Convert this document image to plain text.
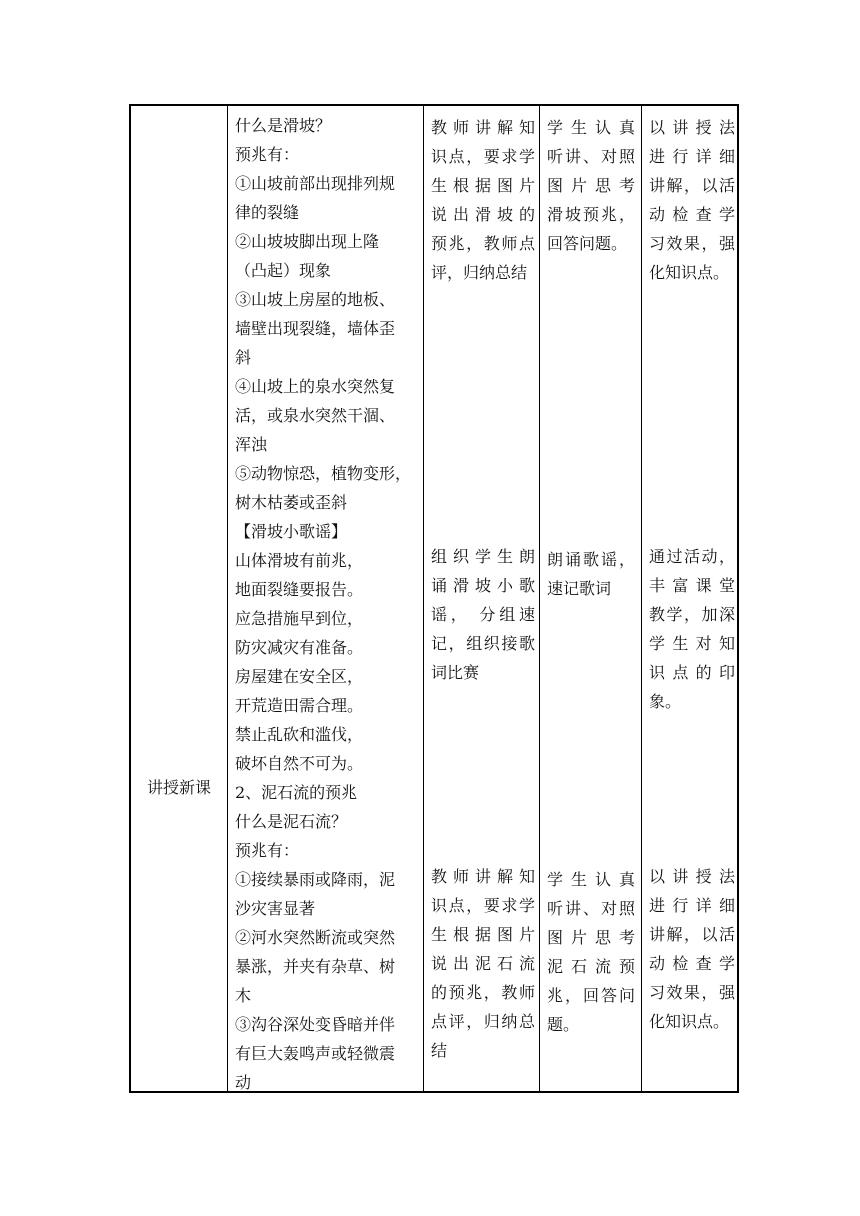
讲授新课
什么是滑坡？
预兆有：
①山坡前部出现排列规
律的裂缝
②山坡坡脚出现上隆
（凸起）现象
③山坡上房屋的地板、
墙壁出现裂缝，墙体歪
斜
④山坡上的泉水突然复
活，或泉水突然干涸、
浑浊
⑤动物惊恐，植物变形，
树木枯萎或歪斜
【滑坡小歌谣】
山体滑坡有前兆，
地面裂缝要报告。
应急措施早到位，
防灾减灾有准备。
房屋建在安全区，
开荒造田需合理。
禁止乱砍和滥伐，
破坏自然不可为。
2、泥石流的预兆
什么是泥石流？
预兆有：
①接续暴雨或降雨，泥
沙灾害显著
②河水突然断流或突然
暴涨，并夹有杂草、树
木
③沟谷深处变昏暗并伴
有巨大轰鸣声或轻微震
动
教师讲解知
识点，要求学
生根据图片
说出滑坡的
预兆，教师点
评，归纳总结
组织学生朗
诵滑坡小歌
谣， 分组速
记，组织接歌
词比赛
教师讲解知
识点，要求学
生根据图片
说出泥石流
的预兆，教师
点评，归纳总
结
学生认真
听讲、对照
图片思考
滑坡预兆，
回答问题。
朗诵歌谣，
速记歌词
学生认真
听讲、对照
图片思考
泥石流预
兆，回答问
题。
以讲授法
进行详细
讲解，以活
动检查学
习效果，强
化知识点。
通过活动，
丰富课堂
教学，加深
学生对知
识点的印
象。
以讲授法
进行详细
讲解，以活
动检查学
习效果，强
化知识点。
